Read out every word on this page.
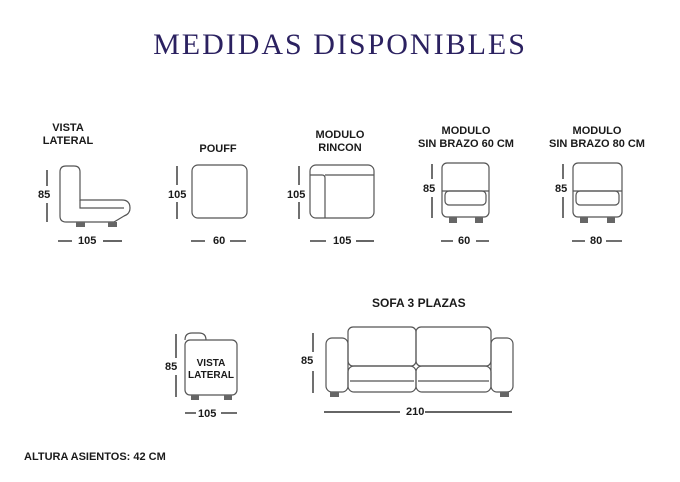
MEDIDAS DISPONIBLES
VISTA
LATERAL
POUFF
MODULO
RINCON
MODULO
SIN BRAZO 60 CM
MODULO
SIN BRAZO 80 CM
85	105	105	85	85
105	60	105	60	80
85
105
VISTA
LATERAL
SOFA 3 PLAZAS
85
210
ALTURA ASIENTOS: 42 CM
